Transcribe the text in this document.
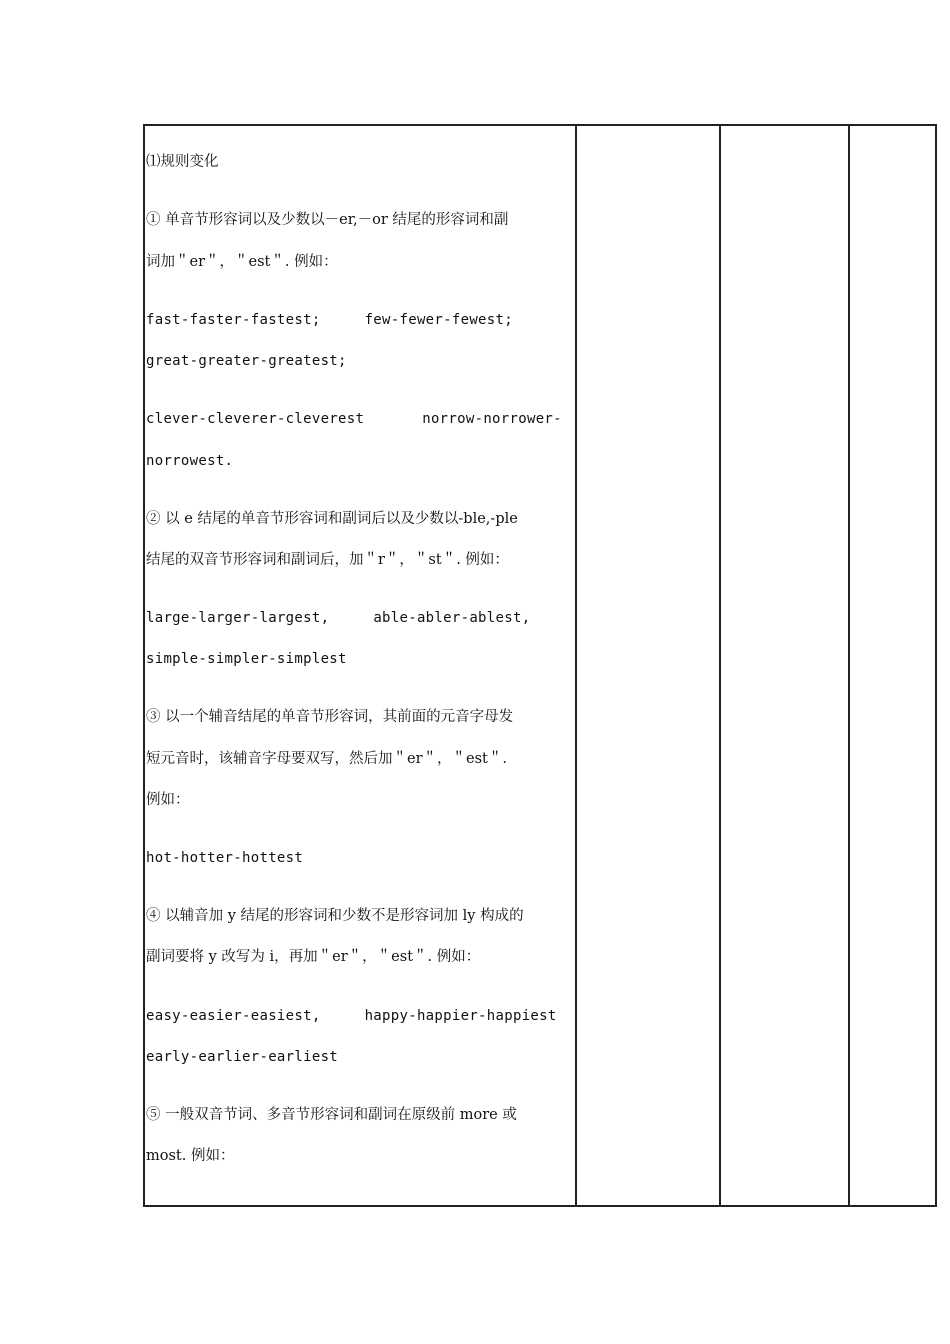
⑴规则变化
① 单音节形容词以及少数以－er,－or 结尾的形容词和副
词加＂er＂，＂est＂. 例如：
fast-faster-fastest;	few-fewer-fewest;
great-greater-greatest;
clever-cleverer-cleverest	norrow-norrower-
norrowest.
② 以 e 结尾的单音节形容词和副词后以及少数以-ble,-ple
结尾的双音节形容词和副词后，加＂r＂，＂st＂. 例如：
large-larger-largest,	able-abler-ablest,
simple-simpler-simplest
③ 以一个辅音结尾的单音节形容词，其前面的元音字母发
短元音时，该辅音字母要双写，然后加＂er＂，＂est＂.
例如：
hot-hotter-hottest
④ 以辅音加 y 结尾的形容词和少数不是形容词加 ly 构成的
副词要将 y 改写为 i，再加＂er＂，＂est＂. 例如：
easy-easier-easiest,	happy-happier-happiest
early-earlier-earliest
⑤ 一般双音节词、多音节形容词和副词在原级前 more 或
most. 例如：
